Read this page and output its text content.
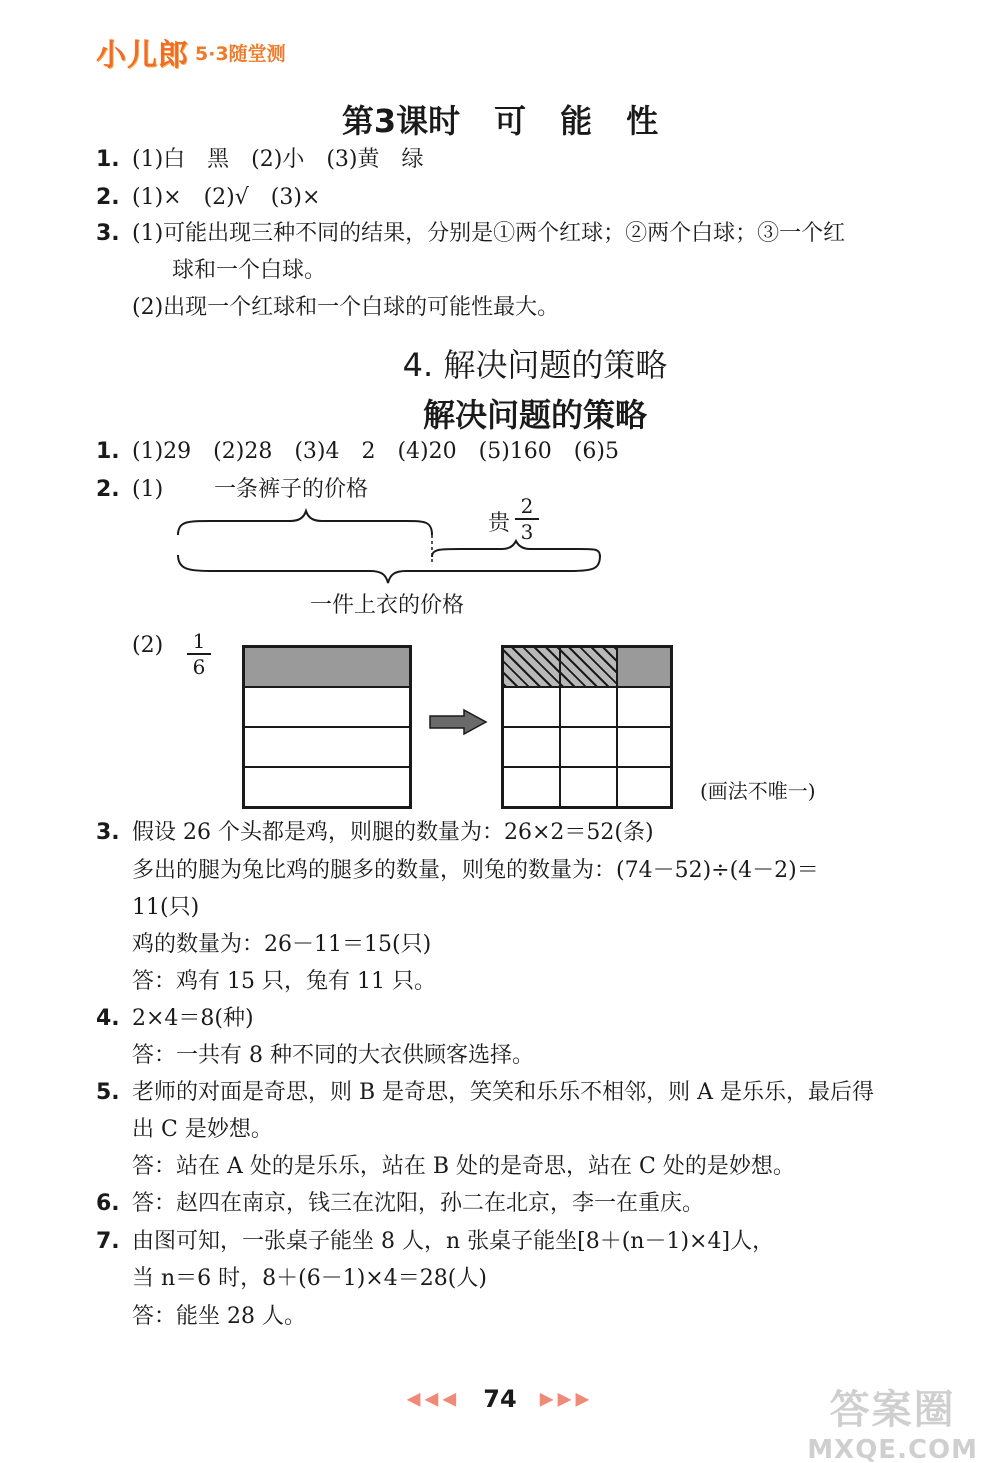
小儿郎 5·3随堂测
第3课时 可 能 性
1. (1)白　黑　(2)小　(3)黄　绿
2. (1)×　(2)√　(3)×
3. (1)可能出现三种不同的结果，分别是①两个红球；②两个白球；③一个红
球和一个白球。
(2)出现一个红球和一个白球的可能性最大。
4. 解决问题的策略
解决问题的策略
1. (1)29　(2)28　(3)4　2　(4)20　(5)160　(6)5
2. (1) 一条裤子的价格
贵
2
3
一件上衣的价格
(2) 1
6
(画法不唯一)
3. 假设 26 个头都是鸡，则腿的数量为：26×2＝52(条)
多出的腿为兔比鸡的腿多的数量，则兔的数量为：(74－52)÷(4－2)＝
11(只)
鸡的数量为：26－11＝15(只)
答：鸡有 15 只，兔有 11 只。
4. 2×4＝8(种)
答：一共有 8 种不同的大衣供顾客选择。
5. 老师的对面是奇思，则 B 是奇思，笑笑和乐乐不相邻，则 A 是乐乐，最后得
出 C 是妙想。
答：站在 A 处的是乐乐，站在 B 处的是奇思，站在 C 处的是妙想。
6. 答：赵四在南京，钱三在沈阳，孙二在北京，李一在重庆。
7. 由图可知，一张桌子能坐 8 人，n 张桌子能坐[8＋(n－1)×4]人，
当 n＝6 时，8＋(6－1)×4＝28(人)
答：能坐 28 人。
◀◀◀ 74 ▶▶▶	答案圈
MXQE.COM
